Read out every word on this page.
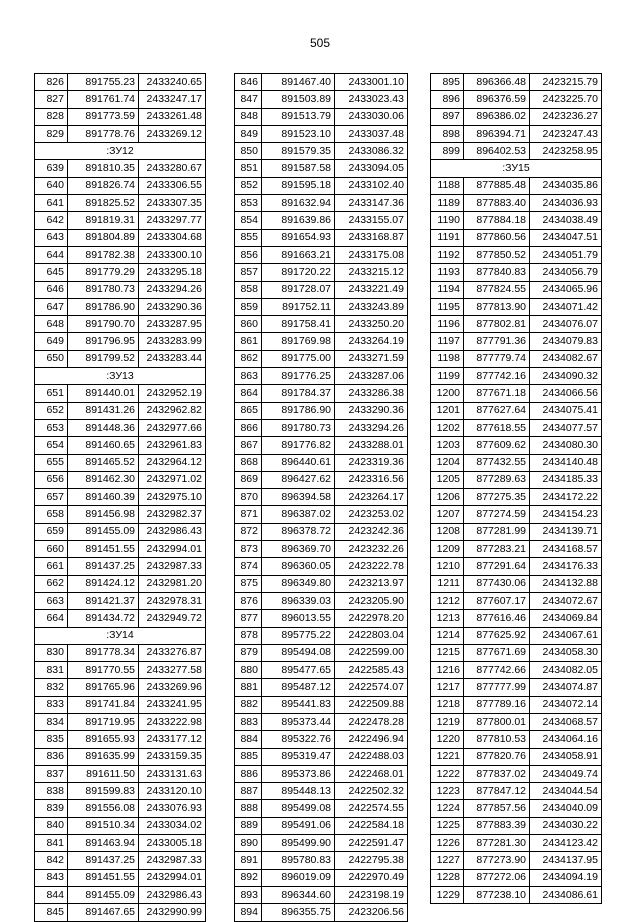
505
826	891755.23	2433240.65
827	891761.74	2433247.17
828	891773.59	2433261.48
829	891778.76	2433269.12
:ЗУ12		
639	891810.35	2433280.67
640	891826.74	2433306.55
641	891825.52	2433307.35
642	891819.31	2433297.77
643	891804.89	2433304.68
644	891782.38	2433300.10
645	891779.29	2433295.18
646	891780.73	2433294.26
647	891786.90	2433290.36
648	891790.70	2433287.95
649	891796.95	2433283.99
650	891799.52	2433283.44
:ЗУ13		
651	891440.01	2432952.19
652	891431.26	2432962.82
653	891448.36	2432977.66
654	891460.65	2432961.83
655	891465.52	2432964.12
656	891462.30	2432971.02
657	891460.39	2432975.10
658	891456.98	2432982.37
659	891455.09	2432986.43
660	891451.55	2432994.01
661	891437.25	2432987.33
662	891424.12	2432981.20
663	891421.37	2432978.31
664	891434.72	2432949.72
:ЗУ14		
830	891778.34	2433276.87
831	891770.55	2433277.58
832	891765.96	2433269.96
833	891741.84	2433241.95
834	891719.95	2433222.98
835	891655.93	2433177.12
836	891635.99	2433159.35
837	891611.50	2433131.63
838	891599.83	2433120.10
839	891556.08	2433076.93
840	891510.34	2433034.02
841	891463.94	2433005.18
842	891437.25	2432987.33
843	891451.55	2432994.01
844	891455.09	2432986.43
845	891467.65	2432990.99
846	891467.40	2433001.10
847	891503.89	2433023.43
848	891513.79	2433030.06
849	891523.10	2433037.48
850	891579.35	2433086.32
851	891587.58	2433094.05
852	891595.18	2433102.40
853	891632.94	2433147.36
854	891639.86	2433155.07
855	891654.93	2433168.87
856	891663.21	2433175.08
857	891720.22	2433215.12
858	891728.07	2433221.49
859	891752.11	2433243.89
860	891758.41	2433250.20
861	891769.98	2433264.19
862	891775.00	2433271.59
863	891776.25	2433287.06
864	891784.37	2433286.38
865	891786.90	2433290.36
866	891780.73	2433294.26
867	891776.82	2433288.01
868	896440.61	2423319.36
869	896427.62	2423316.56
870	896394.58	2423264.17
871	896387.02	2423253.02
872	896378.72	2423242.36
873	896369.70	2423232.26
874	896360.05	2423222.78
875	896349.80	2423213.97
876	896339.03	2423205.90
877	896013.55	2422978.20
878	895775.22	2422803.04
879	895494.08	2422599.00
880	895477.65	2422585.43
881	895487.12	2422574.07
882	895441.83	2422509.88
883	895373.44	2422478.28
884	895322.76	2422496.94
885	895319.47	2422488.03
886	895373.86	2422468.01
887	895448.13	2422502.32
888	895499.08	2422574.55
889	895491.06	2422584.18
890	895499.90	2422591.47
891	895780.83	2422795.38
892	896019.09	2422970.49
893	896344.60	2423198.19
894	896355.75	2423206.56
895	896366.48	2423215.79
896	896376.59	2423225.70
897	896386.02	2423236.27
898	896394.71	2423247.43
899	896402.53	2423258.95
:ЗУ15		
1188	877885.48	2434035.86
1189	877883.40	2434036.93
1190	877884.18	2434038.49
1191	877860.56	2434047.51
1192	877850.52	2434051.79
1193	877840.83	2434056.79
1194	877824.55	2434065.96
1195	877813.90	2434071.42
1196	877802.81	2434076.07
1197	877791.36	2434079.83
1198	877779.74	2434082.67
1199	877742.16	2434090.32
1200	877671.18	2434066.56
1201	877627.64	2434075.41
1202	877618.55	2434077.57
1203	877609.62	2434080.30
1204	877432.55	2434140.48
1205	877289.63	2434185.33
1206	877275.35	2434172.22
1207	877274.59	2434154.23
1208	877281.99	2434139.71
1209	877283.21	2434168.57
1210	877291.64	2434176.33
1211	877430.06	2434132.88
1212	877607.17	2434072.67
1213	877616.46	2434069.84
1214	877625.92	2434067.61
1215	877671.69	2434058.30
1216	877742.66	2434082.05
1217	877777.99	2434074.87
1218	877789.16	2434072.14
1219	877800.01	2434068.57
1220	877810.53	2434064.16
1221	877820.76	2434058.91
1222	877837.02	2434049.74
1223	877847.12	2434044.54
1224	877857.56	2434040.09
1225	877883.39	2434030.22
1226	877281.30	2434123.42
1227	877273.90	2434137.95
1228	877272.06	2434094.19
1229	877238.10	2434086.61
